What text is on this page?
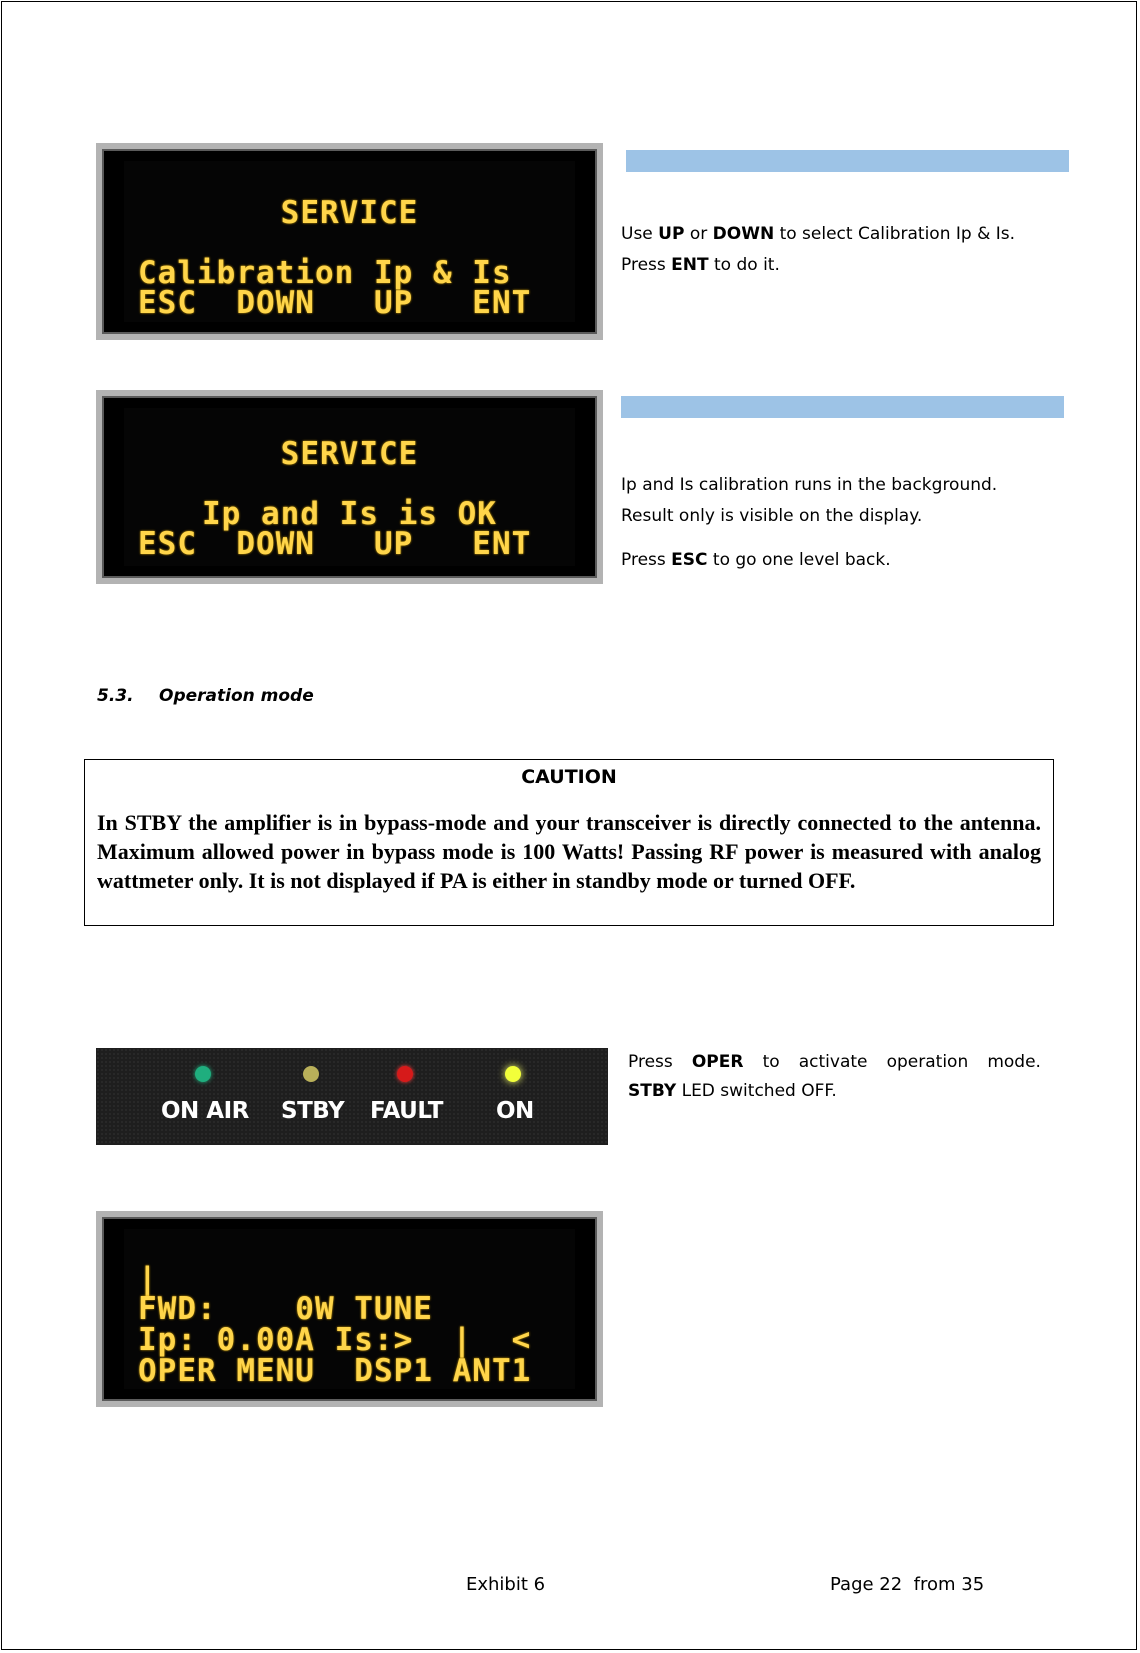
SERVICE
Calibration Ip & Is
ESC  DOWN   UP   ENT
Use UP or DOWN to select Calibration Ip & Is.
Press ENT to do it.
SERVICE
Ip and Is is OK
ESC  DOWN   UP   ENT
Ip and Is calibration runs in the background.
Result only is visible on the display.
Press ESC to go one level back.
5.3. Operation mode
CAUTION
In STBY the amplifier is in bypass-mode and your transceiver is directly connected to the antenna. Maximum allowed power in bypass mode is 100 Watts! Passing RF power is measured with analog wattmeter only. It is not displayed if PA is either in standby mode or turned OFF.
ON AIR STBY FAULT ON
Press OPER to activate operation mode.
STBY LED switched OFF.
|
FWD:    0W TUNE
Ip: 0.00A Is:>  |  <
OPER MENU  DSP1 ANT1
Exhibit 6	Page 22  from 35
